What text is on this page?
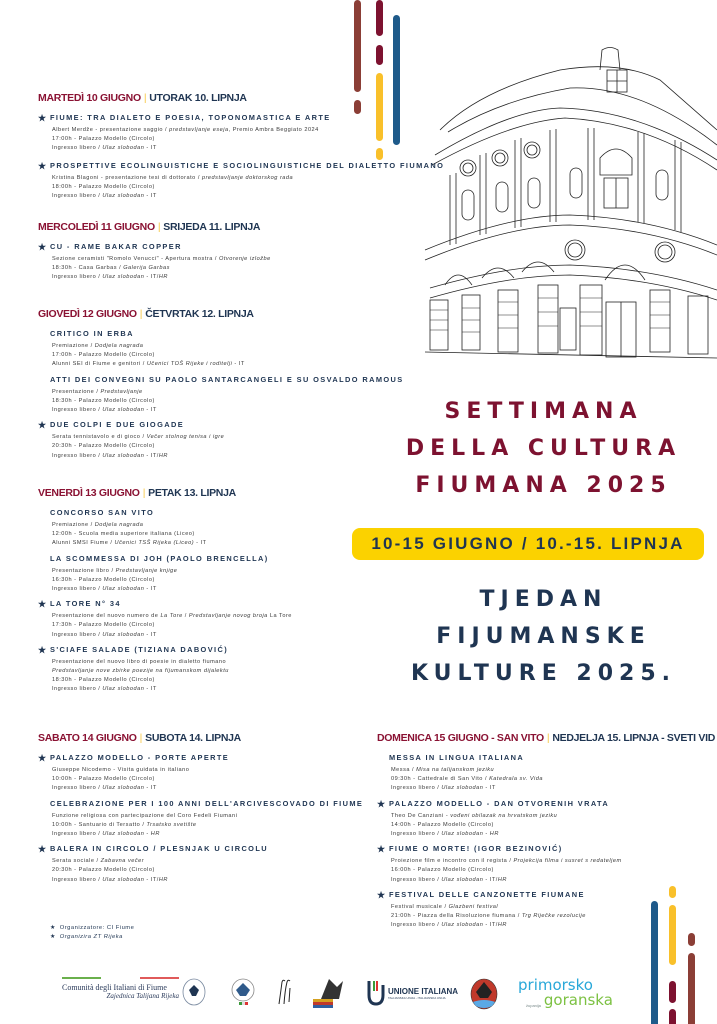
MARTEDÌ 10 GIUGNO | UTORAK 10. LIPNJA
★ FIUME: TRA DIALETO E POESIA, TOPONOMASTICA E ARTE
Albert Merdže - presentazione saggio / predstavljanje eseja, Premio Ambra Beggiato 2024
17:00h - Palazzo Modello (Circolo)
Ingresso libero / Ulaz slobodan - IT
★ PROSPETTIVE ECOLINGUISTICHE E SOCIOLINGUISTICHE DEL DIALETTO FIUMANO
Kristina Blagoni - presentazione tesi di dottorato / predstavljanje doktorskog rada
18:00h - Palazzo Modello (Circolo)
Ingresso libero / Ulaz slobodan - IT
MERCOLEDÌ 11 GIUGNO | SRIJEDA 11. LIPNJA
★ CU - RAME BAKAR COPPER
Sezione ceramisti "Romolo Venucci" - Apertura mostra / Otvorenje izložbe
18:30h - Casa Garbas / Galerija Garbas
Ingresso libero / Ulaz slobodan - IT/HR
GIOVEDÌ 12 GIUGNO | ČETVRTAK 12. LIPNJA
CRITICO IN ERBA
Premiazione / Dodjela nagrada
17:00h - Palazzo Modello (Circolo)
Alunni SEI di Fiume e genitori / Učenici TOŠ Rijeke i roditelji - IT
ATTI DEI CONVEGNI SU PAOLO SANTARCANGELI E SU OSVALDO RAMOUS
Presentazione / Predstavljanje
18:30h - Palazzo Modello (Circolo)
Ingresso libero / Ulaz slobodan - IT
★ DUE COLPI E DUE GIOGADE
Serata tennistavolo e di gioco / Večer stolnog tenisa i igre
20:30h - Palazzo Modello (Circolo)
Ingresso libero / Ulaz slobodan - IT/HR
VENERDÌ 13 GIUGNO | PETAK 13. LIPNJA
CONCORSO SAN VITO
Premiazione / Dodjela nagrada
12:00h - Scuola media superiore italiana (Liceo)
Alunni SMSI Fiume / Učenici TSŠ Rijeka (Liceo) - IT
LA SCOMMESSA DI JOH (PAOLO BRENCELLA)
Presentazione libro / Predstavljanje knjige
16:30h - Palazzo Modello (Circolo)
Ingresso libero / Ulaz slobodan - IT
★ LA TORE N° 34
Presentazione del nuovo numero de La Tore / Predstavljanje novog broja La Tore
17:30h - Palazzo Modello (Circolo)
Ingresso libero / Ulaz slobodan - IT
★ S'CIAFE SALADE (TIZIANA DABOVIĆ)
Presentazione del nuovo libro di poesie in dialetto fiumano
Predstavljanje nove zbirke poezije na fijumanskom dijalektu
18:30h - Palazzo Modello (Circolo)
Ingresso libero / Ulaz slobodan - IT
SABATO 14 GIUGNO | SUBOTA 14. LIPNJA
★ PALAZZO MODELLO - PORTE APERTE
Giuseppe Nicodemo - Visita guidata in italiano
10:00h - Palazzo Modello (Circolo)
Ingresso libero / Ulaz slobodan - IT
CELEBRAZIONE PER I 100 ANNI DELL'ARCIVESCOVADO DI FIUME
Funzione religiosa con partecipazione del Coro Fedeli Fiumani
10:00h - Santuario di Tersatto / Trsatsko svetište
Ingresso libero / Ulaz slobodan - HR
★ BALERA IN CIRCOLO / PLESNJAK U CIRCOLU
Serata sociale / Zabavna večer
20:30h - Palazzo Modello (Circolo)
Ingresso libero / Ulaz slobodan - IT/HR
DOMENICA 15 GIUGNO - SAN VITO | NEDJELJA 15. LIPNJA - SVETI VID
MESSA IN LINGUA ITALIANA
Messa / Misa na talijanskom jeziku
09:30h - Cattedrale di San Vito / Katedrala sv. Vida
Ingresso libero / Ulaz slobodan - IT
★ PALAZZO MODELLO - DAN OTVORENIH VRATA
Theo De Canziani - vođeni obilazak na hrvatskom jeziku
14:00h - Palazzo Modello (Circolo)
Ingresso libero / Ulaz slobodan - HR
★ FIUME O MORTE! (IGOR BEZINOVIĆ)
Proiezione film e incontro con il regista / Projekcija filma i susret s redateljem
16:00h - Palazzo Modello (Circolo)
Ingresso libero / Ulaz slobodan - IT/HR
★ FESTIVAL DELLE CANZONETTE FIUMANE
Festival musicale / Glazbeni festival
21:00h - Piazza della Risoluzione fiumana / Trg Riječke rezolucije
Ingresso libero / Ulaz slobodan - IT/HR
SETTIMANA
DELLA CULTURA
FIUMANA 2025
10-15 GIUGNO / 10.-15. LIPNJA
TJEDAN
FIJUMANSKE
KULTURE 2025.
★ Organizzatore: CI Fiume
★ Organizira ZT Rijeka
Comunità degli Italiani di Fiume
Zajednica Talijana Rijeka
UNIONE ITALIANA
TALIJANSKA UNIJA - ITALIJANSKA UNIJA
primorsko
županija goranska
